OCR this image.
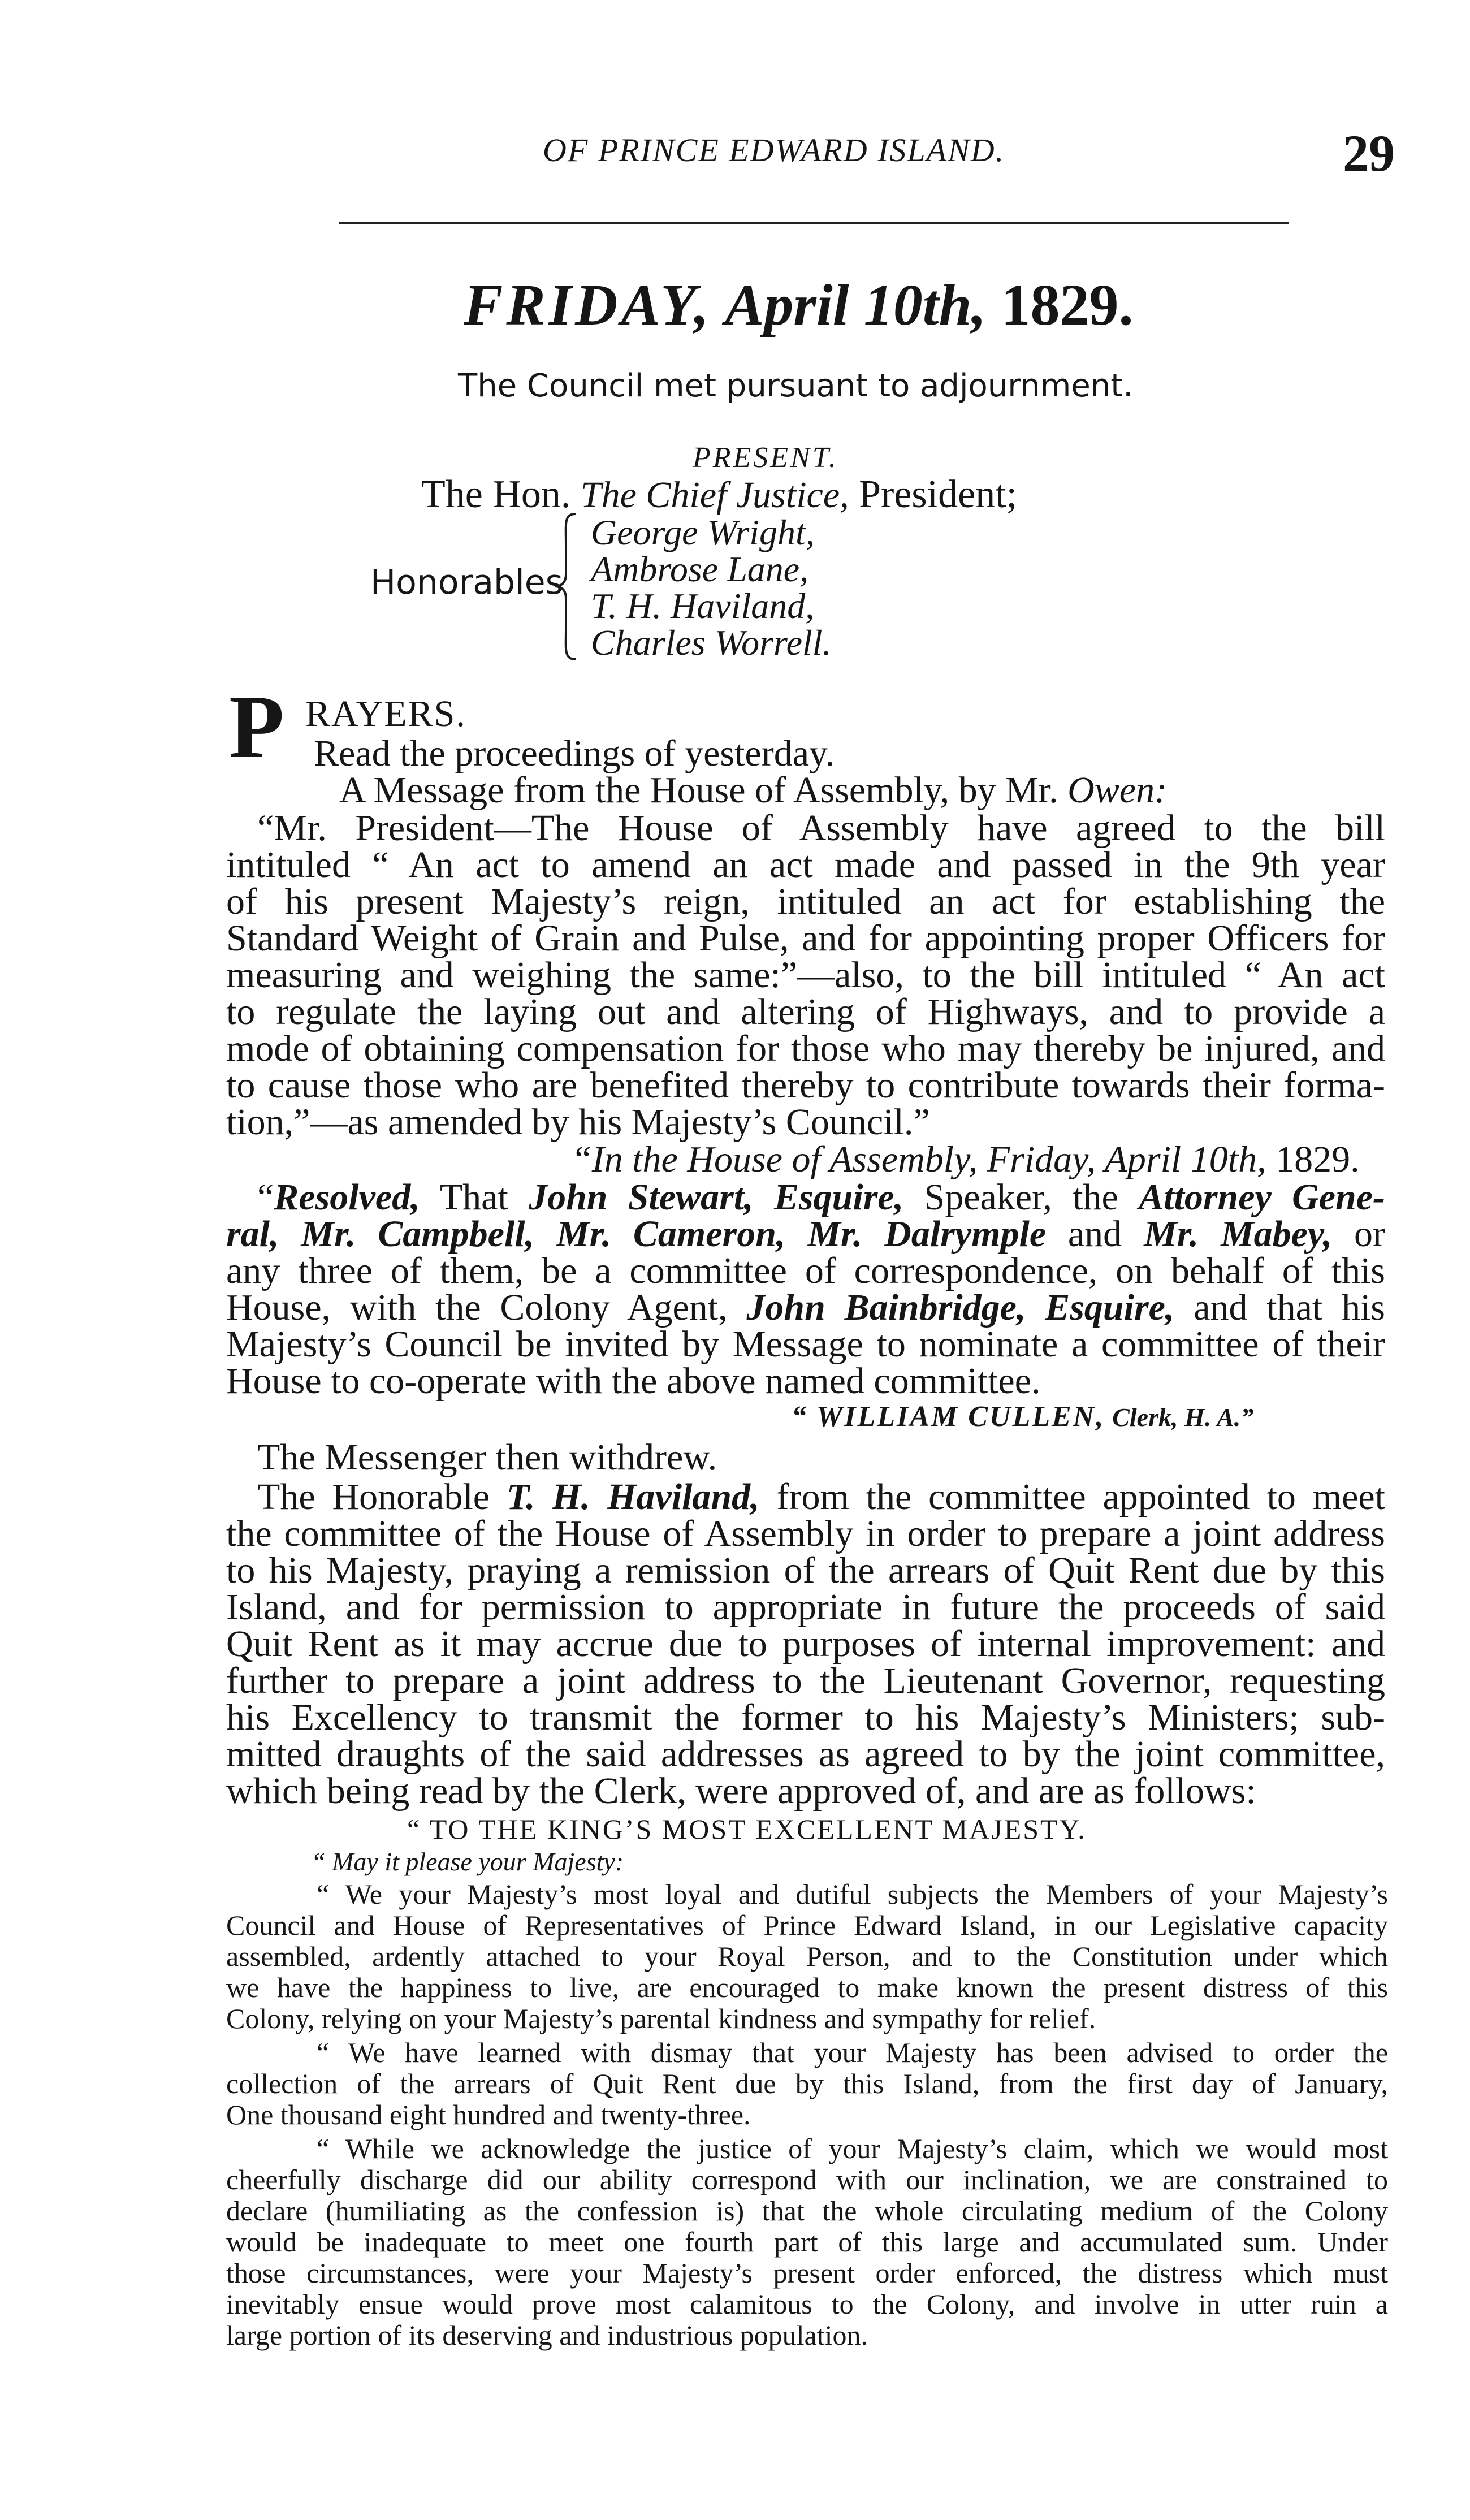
OF PRINCE EDWARD ISLAND.	29
FRIDAY, April 10th, 1829.
The Council met pursuant to adjournment.
PRESENT.
The Hon. The Chief Justice, President;
Honorables
George Wright,
Ambrose Lane,
T. H. Haviland,
Charles Worrell.
P RAYERS.
Read the proceedings of yesterday.
A Message from the House of Assembly, by Mr. Owen:
“Mr. President—The House of Assembly have agreed to the bill
intituled “ An act to amend an act made and passed in the 9th year
of his present Majesty’s reign, intituled an act for establishing the
Standard Weight of Grain and Pulse, and for appointing proper Officers for
measuring and weighing the same:”—also, to the bill intituled “ An act
to regulate the laying out and altering of Highways, and to provide a
mode of obtaining compensation for those who may thereby be injured, and
to cause those who are benefited thereby to contribute towards their forma-
tion,”—as amended by his Majesty’s Council.”
“In the House of Assembly, Friday, April 10th, 1829.
“Resolved, That John Stewart, Esquire, Speaker, the Attorney Gene-
ral, Mr. Campbell, Mr. Cameron, Mr. Dalrymple and Mr. Mabey, or
any three of them, be a committee of correspondence, on behalf of this
House, with the Colony Agent, John Bainbridge, Esquire, and that his
Majesty’s Council be invited by Message to nominate a committee of their
House to co-operate with the above named committee.
“ WILLIAM CULLEN, Clerk, H. A.”
The Messenger then withdrew.
The Honorable T. H. Haviland, from the committee appointed to meet
the committee of the House of Assembly in order to prepare a joint address
to his Majesty, praying a remission of the arrears of Quit Rent due by this
Island, and for permission to appropriate in future the proceeds of said
Quit Rent as it may accrue due to purposes of internal improvement: and
further to prepare a joint address to the Lieutenant Governor, requesting
his Excellency to transmit the former to his Majesty’s Ministers; sub-
mitted draughts of the said addresses as agreed to by the joint committee,
which being read by the Clerk, were approved of, and are as follows:
“ TO THE KING’S MOST EXCELLENT MAJESTY.
“ May it please your Majesty:
“ We your Majesty’s most loyal and dutiful subjects the Members of your Majesty’s
Council and House of Representatives of Prince Edward Island, in our Legislative capacity
assembled, ardently attached to your Royal Person, and to the Constitution under which
we have the happiness to live, are encouraged to make known the present distress of this
Colony, relying on your Majesty’s parental kindness and sympathy for relief.
“ We have learned with dismay that your Majesty has been advised to order the
collection of the arrears of Quit Rent due by this Island, from the first day of January,
One thousand eight hundred and twenty-three.
“ While we acknowledge the justice of your Majesty’s claim, which we would most
cheerfully discharge did our ability correspond with our inclination, we are constrained to
declare (humiliating as the confession is) that the whole circulating medium of the Colony
would be inadequate to meet one fourth part of this large and accumulated sum. Under
those circumstances, were your Majesty’s present order enforced, the distress which must
inevitably ensue would prove most calamitous to the Colony, and involve in utter ruin a
large portion of its deserving and industrious population.
